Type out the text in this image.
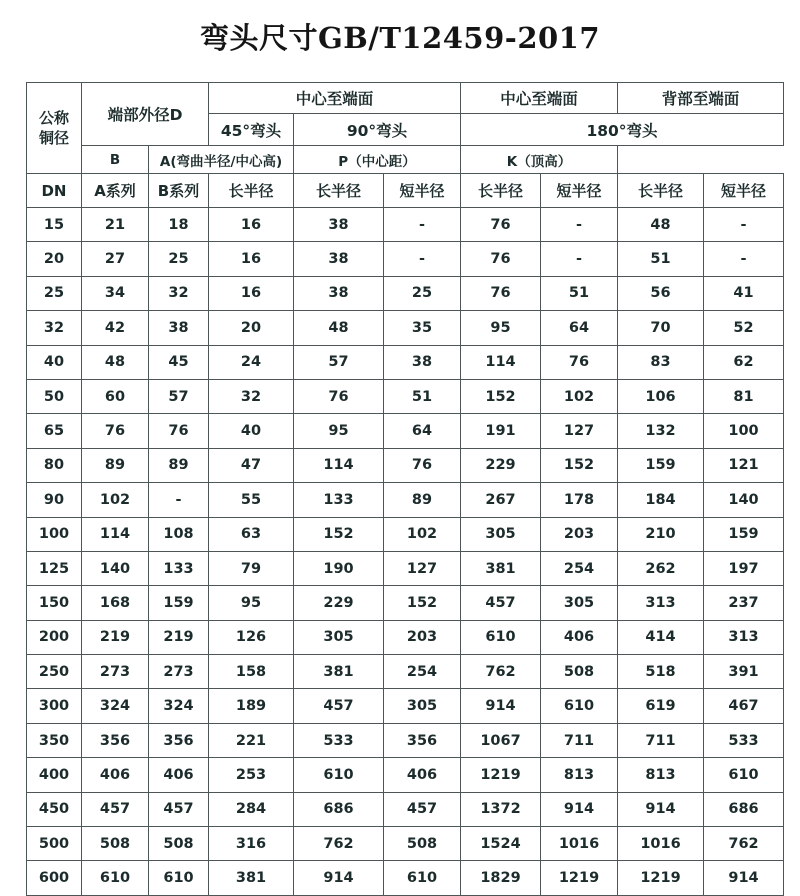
弯头尺寸GB/T12459-2017
公称
铜径	端部外径D		中心至端面			中心至端面		背部至端面	
			45°弯头	90°弯头		180°弯头			
	B	A(弯曲半径/中心高)		P（中心距）		K（顶高）			
DN	A系列	B系列	长半径	长半径	短半径	长半径	短半径	长半径	短半径
15	21	18	16	38	-	76	-	48	-
20	27	25	16	38	-	76	-	51	-
25	34	32	16	38	25	76	51	56	41
32	42	38	20	48	35	95	64	70	52
40	48	45	24	57	38	114	76	83	62
50	60	57	32	76	51	152	102	106	81
65	76	76	40	95	64	191	127	132	100
80	89	89	47	114	76	229	152	159	121
90	102	-	55	133	89	267	178	184	140
100	114	108	63	152	102	305	203	210	159
125	140	133	79	190	127	381	254	262	197
150	168	159	95	229	152	457	305	313	237
200	219	219	126	305	203	610	406	414	313
250	273	273	158	381	254	762	508	518	391
300	324	324	189	457	305	914	610	619	467
350	356	356	221	533	356	1067	711	711	533
400	406	406	253	610	406	1219	813	813	610
450	457	457	284	686	457	1372	914	914	686
500	508	508	316	762	508	1524	1016	1016	762
600	610	610	381	914	610	1829	1219	1219	914
